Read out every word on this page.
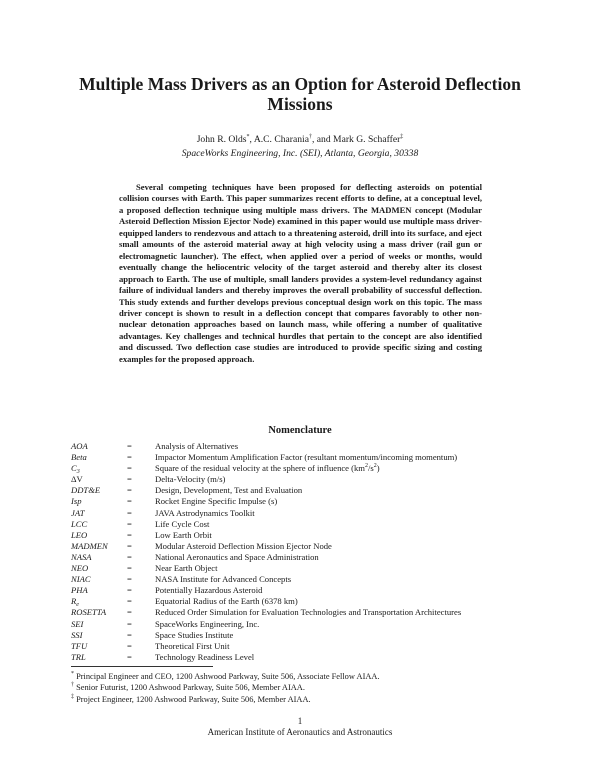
Multiple Mass Drivers as an Option for Asteroid Deflection Missions
John R. Olds*, A.C. Charania†, and Mark G. Schaffer‡
SpaceWorks Engineering, Inc. (SEI), Atlanta, Georgia, 30338
Several competing techniques have been proposed for deflecting asteroids on potential collision courses with Earth. This paper summarizes recent efforts to define, at a conceptual level, a proposed deflection technique using multiple mass drivers. The MADMEN concept (Modular Asteroid Deflection Mission Ejector Node) examined in this paper would use multiple mass driver-equipped landers to rendezvous and attach to a threatening asteroid, drill into its surface, and eject small amounts of the asteroid material away at high velocity using a mass driver (rail gun or electromagnetic launcher). The effect, when applied over a period of weeks or months, would eventually change the heliocentric velocity of the target asteroid and thereby alter its closest approach to Earth. The use of multiple, small landers provides a system-level redundancy against failure of individual landers and thereby improves the overall probability of successful deflection. This study extends and further develops previous conceptual design work on this topic. The mass driver concept is shown to result in a deflection concept that compares favorably to other non-nuclear detonation approaches based on launch mass, while offering a number of qualitative advantages. Key challenges and technical hurdles that pertain to the concept are also identified and discussed. Two deflection case studies are introduced to provide specific sizing and costing examples for the proposed approach.
Nomenclature
AOA	=	Analysis of Alternatives
Beta	=	Impactor Momentum Amplification Factor (resultant momentum/incoming momentum)
$C_3$	=	Square of the residual velocity at the sphere of influence $(km^2/s^2)$
ΔV	=	Delta-Velocity (m/s)
DDT&E	=	Design, Development, Test and Evaluation
Isp	=	Rocket Engine Specific Impulse (s)
JAT	=	JAVA Astrodynamics Toolkit
LCC	=	Life Cycle Cost
LEO	=	Low Earth Orbit
MADMEN	=	Modular Asteroid Deflection Mission Ejector Node
NASA	=	National Aeronautics and Space Administration
NEO	=	Near Earth Object
NIAC	=	NASA Institute for Advanced Concepts
PHA	=	Potentially Hazardous Asteroid
$R_e$	=	Equatorial Radius of the Earth (6378 km)
ROSETTA	=	Reduced Order Simulation for Evaluation Technologies and Transportation Architectures
SEI	=	SpaceWorks Engineering, Inc.
SSI	=	Space Studies Institute
TFU	=	Theoretical First Unit
TRL	=	Technology Readiness Level
* Principal Engineer and CEO, 1200 Ashwood Parkway, Suite 506, Associate Fellow AIAA.
† Senior Futurist, 1200 Ashwood Parkway, Suite 506, Member AIAA.
‡ Project Engineer, 1200 Ashwood Parkway, Suite 506, Member AIAA.
1
American Institute of Aeronautics and Astronautics
